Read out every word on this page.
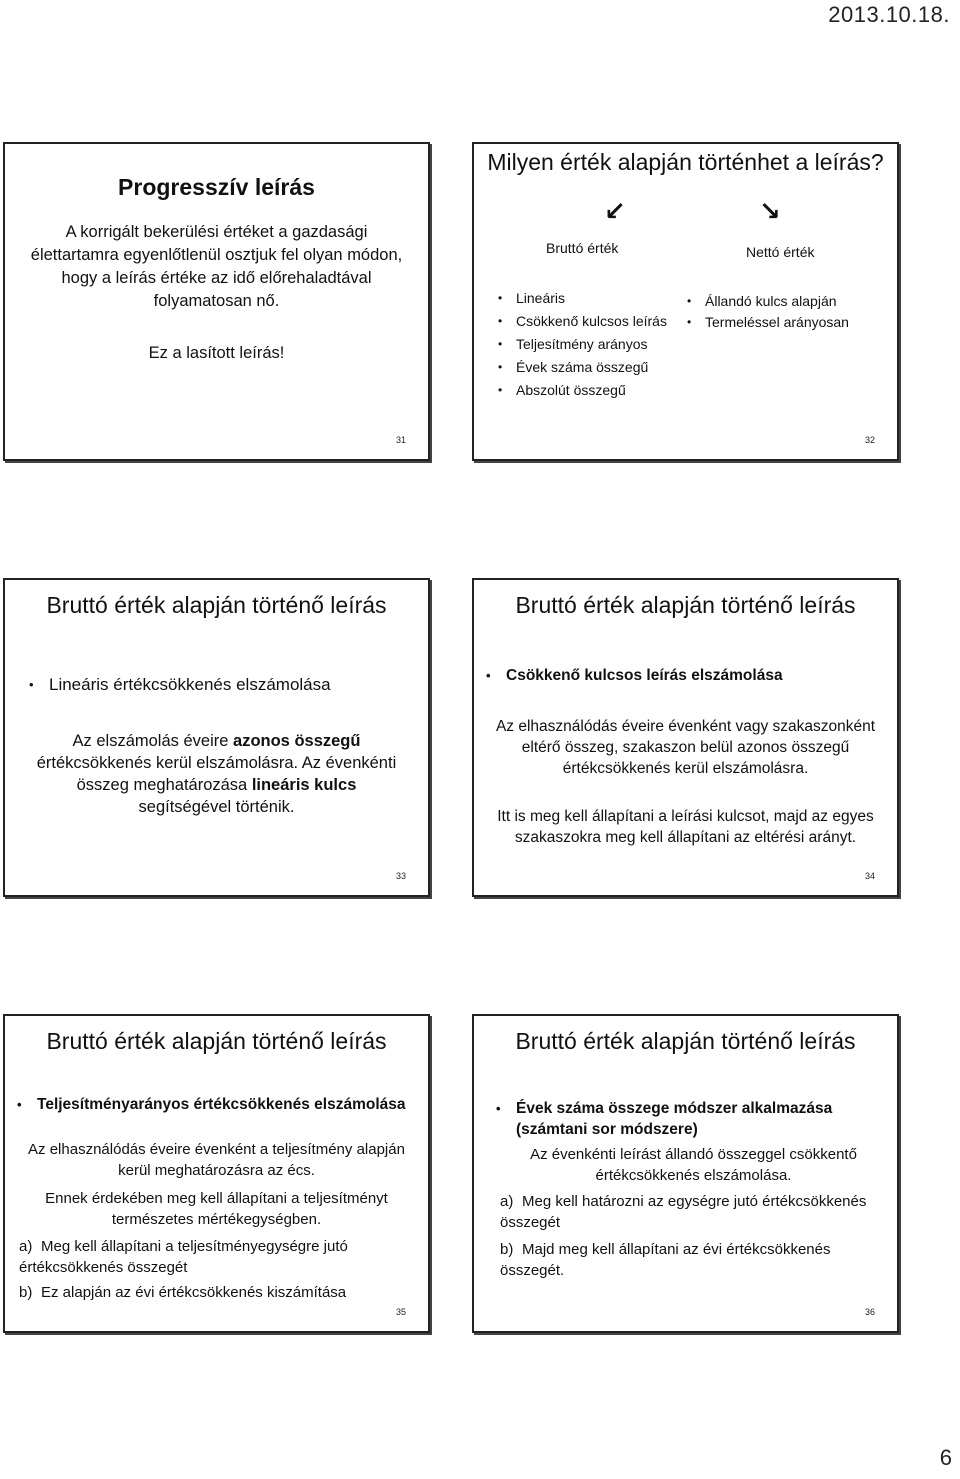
2013.10.18.
Progresszív leírás
A korrigált bekerülési értéket a gazdasági élettartamra egyenlőtlenül osztjuk fel olyan módon, hogy a leírás értéke az idő előrehaladtával folyamatosan nő.
Ez a lasított leírás!
31
Milyen érték alapján történhet a leírás?
↙	↘
Bruttó érték	Nettó érték
• Lineáris
• Csökkenő kulcsos leírás
• Teljesítmény arányos
• Évek száma összegű
• Abszolút összegű
• Állandó kulcs alapján
• Termeléssel arányosan
32
Bruttó érték alapján történő leírás
• Lineáris értékcsökkenés elszámolása
Az elszámolás éveire azonos összegű értékcsökkenés kerül elszámolásra. Az évenkénti összeg meghatározása lineáris kulcs segítségével történik.
33
Bruttó érték alapján történő leírás
• Csökkenő kulcsos leírás elszámolása
Az elhasználódás éveire évenként vagy szakaszonként eltérő összeg, szakaszon belül azonos összegű értékcsökkenés kerül elszámolásra.
Itt is meg kell állapítani a leírási kulcsot, majd az egyes szakaszokra meg kell állapítani az eltérési arányt.
34
Bruttó érték alapján történő leírás
• Teljesítményarányos értékcsökkenés elszámolása
Az elhasználódás éveire évenként a teljesítmény alapján kerül meghatározásra az écs.
Ennek érdekében meg kell állapítani a teljesítményt természetes mértékegységben.
a) Meg kell állapítani a teljesítményegységre jutó értékcsökkenés összegét
b) Ez alapján az évi értékcsökkenés kiszámítása
35
Bruttó érték alapján történő leírás
• Évek száma összege módszer alkalmazása (számtani sor módszere)
Az évenkénti leírást állandó összeggel csökkentő értékcsökkenés elszámolása.
a) Meg kell határozni az egységre jutó értékcsökkenés összegét
b) Majd meg kell állapítani az évi értékcsökkenés összegét.
36
6
